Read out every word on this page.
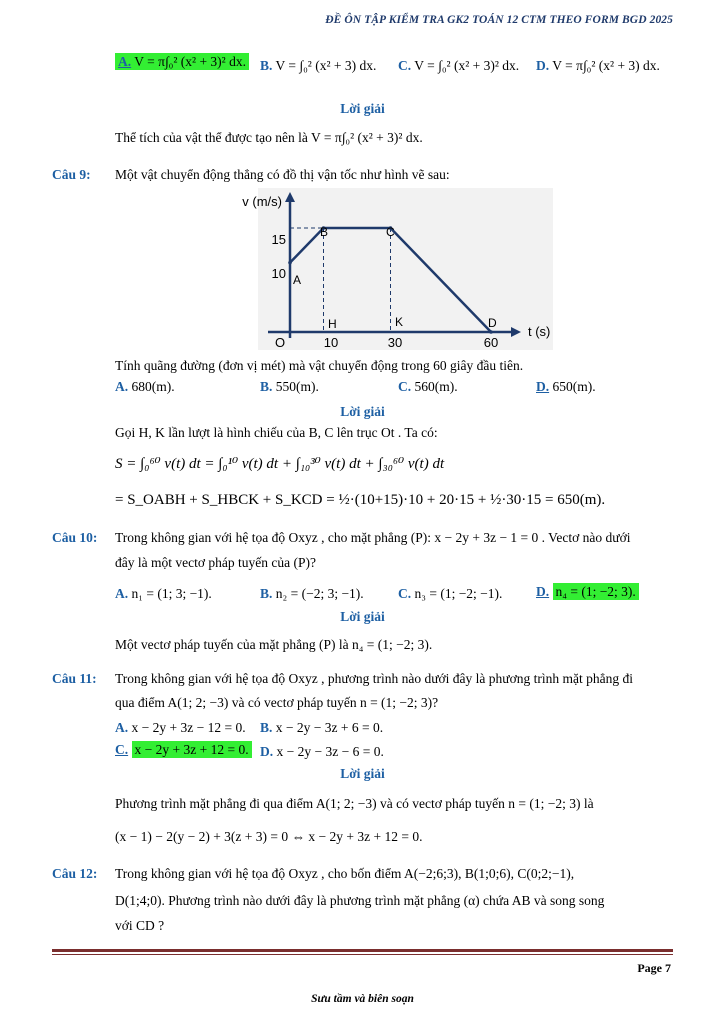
ĐỀ ÔN TẬP KIỂM TRA GK2 TOÁN 12 CTM THEO FORM BGD 2025
A. V = π∫₀² (x² + 3)² dx. B. V = ∫₀² (x² + 3) dx. C. V = ∫₀² (x² + 3)² dx. D. V = π∫₀² (x² + 3) dx.
Lời giải
Thể tích của vật thể được tạo nên là V = π∫₀² (x² + 3)² dx.
Câu 9: Một vật chuyển động thẳng có đồ thị vận tốc như hình vẽ sau:
v (m/s)
t (s)
15
10
O	10	30	60
A
B	C
D
H	K
Tính quãng đường (đơn vị mét) mà vật chuyển động trong 60 giây đầu tiên.
A. 680(m).	B. 550(m).	C. 560(m).	D. 650(m).
Lời giải
Gọi H, K lần lượt là hình chiếu của B, C lên trục Ot . Ta có:
S = ∫₀⁶⁰ v(t) dt = ∫₀¹⁰ v(t) dt + ∫₁₀³⁰ v(t) dt + ∫₃₀⁶⁰ v(t) dt
= S_OABH + S_HBCK + S_KCD = ½·(10+15)·10 + 20·15 + ½·30·15 = 650(m).
Câu 10: Trong không gian với hệ tọa độ Oxyz , cho mặt phẳng (P): x − 2y + 3z − 1 = 0 . Vectơ nào dưới
đây là một vectơ pháp tuyến của (P)?
A. n₁ = (1; 3; −1).	B. n₂ = (−2; 3; −1).	C. n₃ = (1; −2; −1). D. n₄ = (1; −2; 3).
Lời giải
Một vectơ pháp tuyến của mặt phẳng (P) là n₄ = (1; −2; 3).
Câu 11: Trong không gian với hệ tọa độ Oxyz , phương trình nào dưới đây là phương trình mặt phẳng đi
qua điểm A(1; 2; −3) và có vectơ pháp tuyến n = (1; −2; 3)?
A. x − 2y + 3z − 12 = 0. B. x − 2y − 3z + 6 = 0.
C. x − 2y + 3z + 12 = 0. D. x − 2y − 3z − 6 = 0.
Lời giải
Phương trình mặt phẳng đi qua điểm A(1; 2; −3) và có vectơ pháp tuyến n = (1; −2; 3) là
(x − 1) − 2(y − 2) + 3(z + 3) = 0 ⇔ x − 2y + 3z + 12 = 0.
Câu 12: Trong không gian với hệ tọa độ Oxyz , cho bốn điểm A(−2;6;3), B(1;0;6), C(0;2;−1),
D(1;4;0). Phương trình nào dưới đây là phương trình mặt phẳng (α) chứa AB và song song
với CD ?
Page 7
Sưu tầm và biên soạn
